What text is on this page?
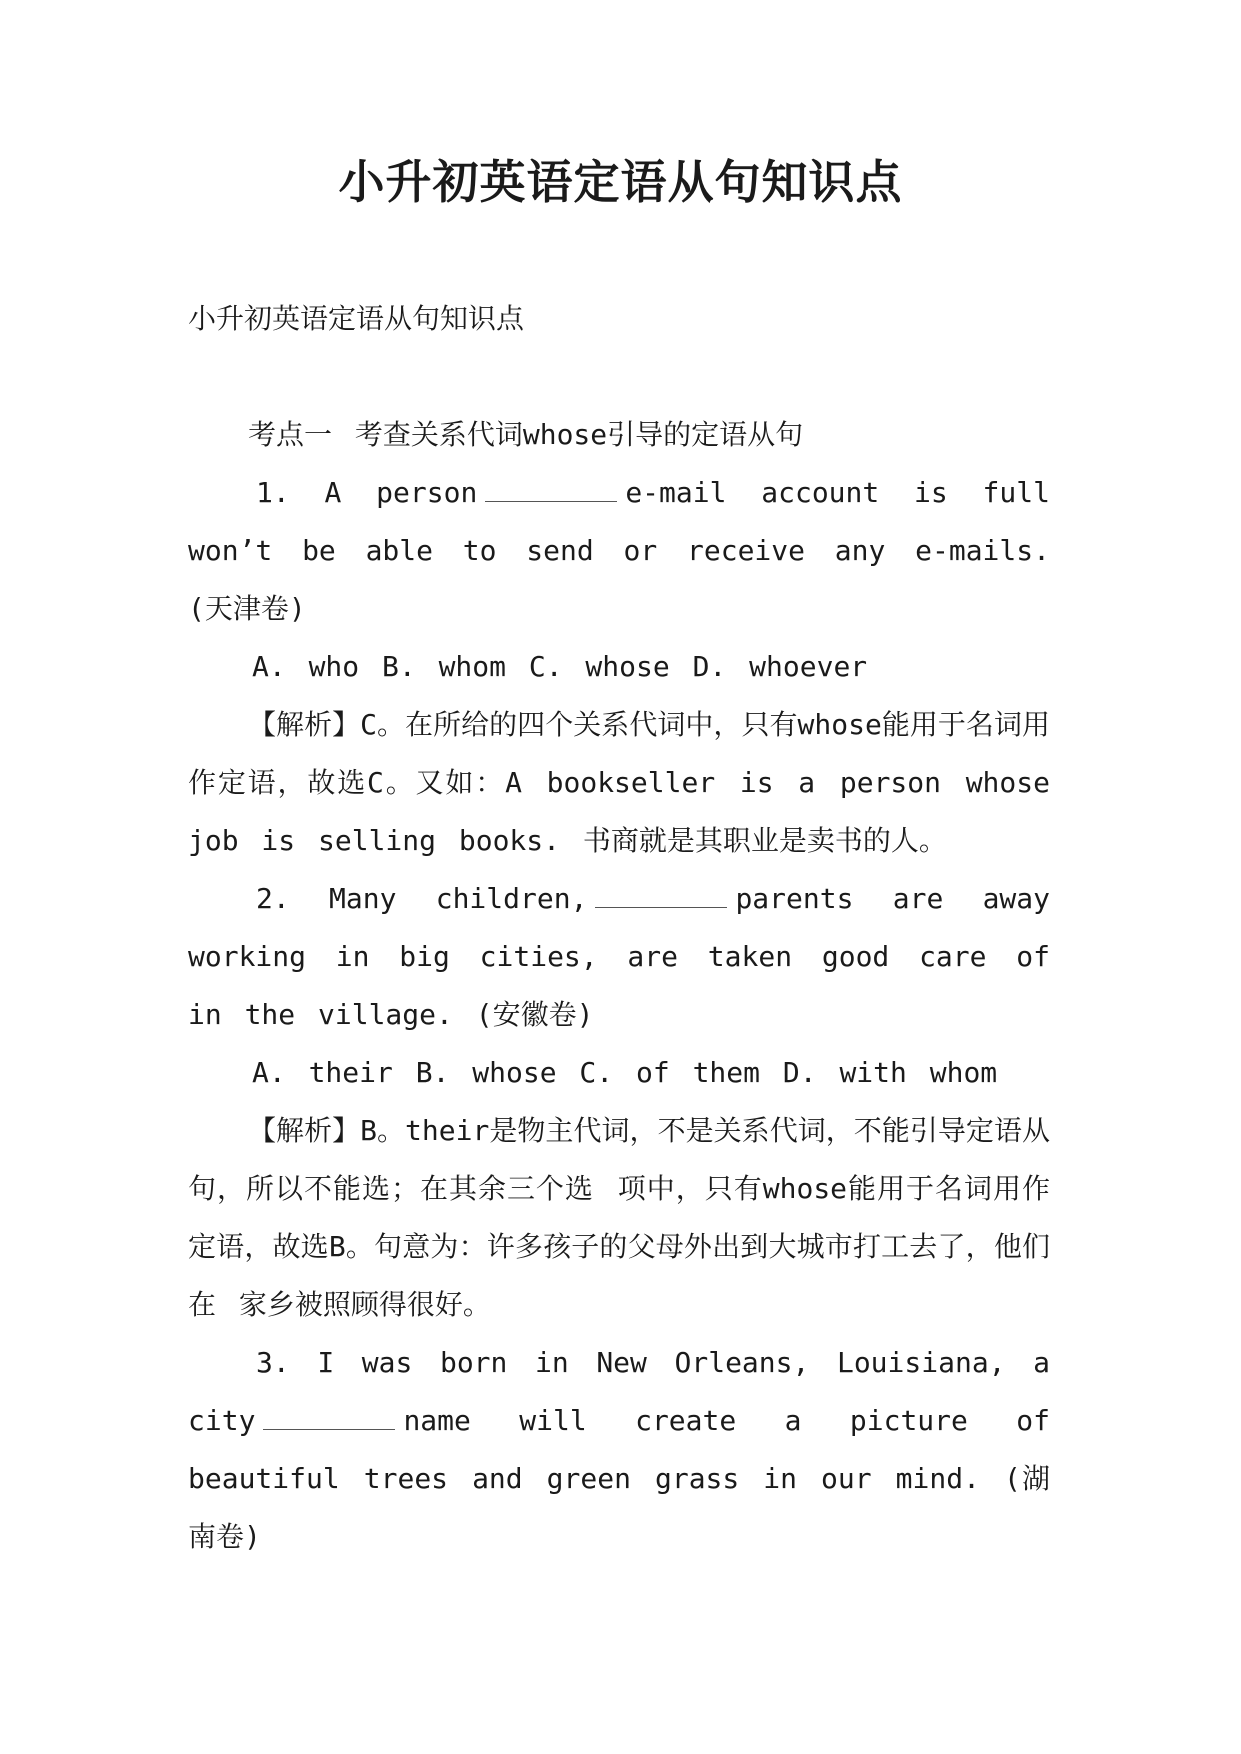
小升初英语定语从句知识点

小升初英语定语从句知识点

考点一 考查关系代词whose引导的定语从句

1. A person	e-mail account is full won’t be able to send or receive any e-mails. (天津卷)

A. who B. whom C. whose D. whoever

【解析】C。在所给的四个关系代词中，只有whose能用于名词用作定语，故选C。又如：A bookseller is a person whose job is selling books. 书商就是其职业是卖书的人。

2. Many children,	parents are away working in big cities, are taken good care of in the village. (安徽卷)

A. their B. whose C. of them D. with whom

【解析】B。their是物主代词，不是关系代词，不能引导定语从句，所以不能选；在其余三个选 项中，只有whose能用于名词用作定语，故选B。句意为：许多孩子的父母外出到大城市打工去了，他们在 家乡被照顾得很好。

3. I was born in New Orleans, Louisiana, a city	name will create a picture of beautiful trees and green grass in our mind. (湖南卷)
